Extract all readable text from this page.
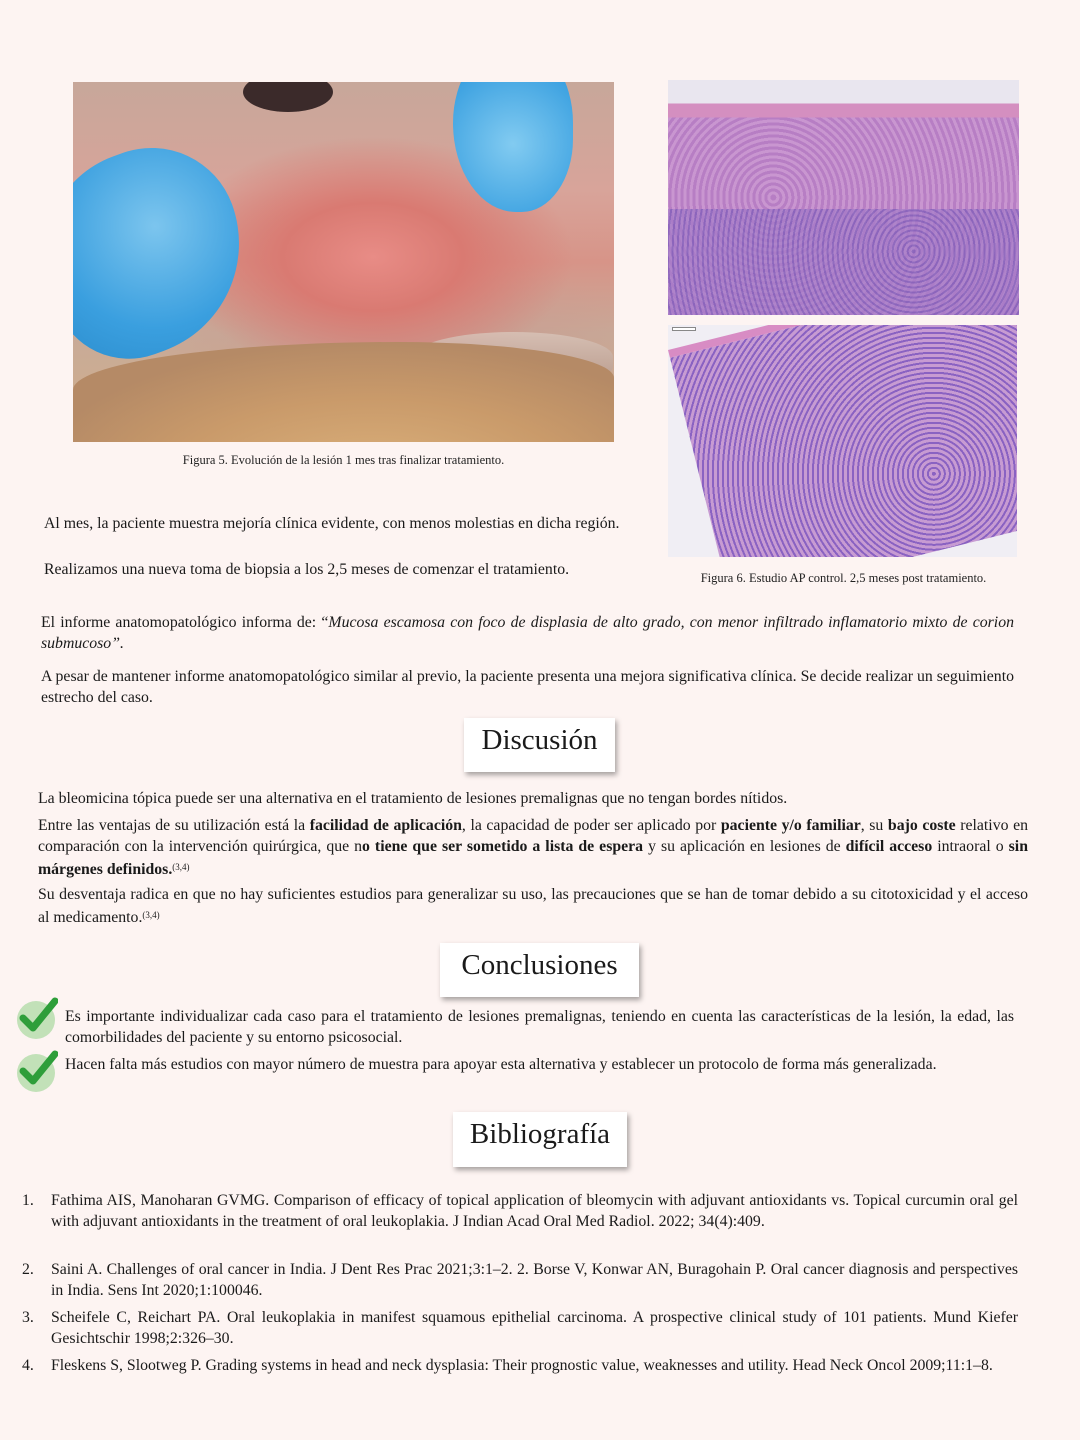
Figura 5. Evolución de la lesión 1 mes tras finalizar tratamiento.
Figura 6. Estudio AP control. 2,5 meses post tratamiento.
Al mes, la paciente muestra mejoría clínica evidente, con menos molestias en dicha región.
Realizamos una nueva toma de biopsia a los 2,5 meses de comenzar el tratamiento.
El informe anatomopatológico informa de: “Mucosa escamosa con foco de displasia de alto grado, con menor infiltrado inflamatorio mixto de corion submucoso”.
A pesar de mantener informe anatomopatológico similar al previo, la paciente presenta una mejora significativa clínica. Se decide realizar un seguimiento estrecho del caso.
Discusión
La bleomicina tópica puede ser una alternativa en el tratamiento de lesiones premalignas que no tengan bordes nítidos.
Entre las ventajas de su utilización está la facilidad de aplicación, la capacidad de poder ser aplicado por paciente y/o familiar, su bajo coste relativo en comparación con la intervención quirúrgica, que no tiene que ser sometido a lista de espera y su aplicación en lesiones de difícil acceso intraoral o sin márgenes definidos.$^{(3,4)}$
Su desventaja radica en que no hay suficientes estudios para generalizar su uso, las precauciones que se han de tomar debido a su citotoxicidad y el acceso al medicamento.$^{(3,4)}$
Conclusiones
Es importante individualizar cada caso para el tratamiento de lesiones premalignas, teniendo en cuenta las características de la lesión, la edad, las comorbilidades del paciente y su entorno psicosocial.
Hacen falta más estudios con mayor número de muestra para apoyar esta alternativa y establecer un protocolo de forma más generalizada.
Bibliografía
1. Fathima AIS, Manoharan GVMG. Comparison of efficacy of topical application of bleomycin with adjuvant antioxidants vs. Topical curcumin oral gel with adjuvant antioxidants in the treatment of oral leukoplakia. J Indian Acad Oral Med Radiol. 2022; 34(4):409.
2. Saini A. Challenges of oral cancer in India. J Dent Res Prac 2021;3:1–2. 2. Borse V, Konwar AN, Buragohain P. Oral cancer diagnosis and perspectives in India. Sens Int 2020;1:100046.
3. Scheifele C, Reichart PA. Oral leukoplakia in manifest squamous epithelial carcinoma. A prospective clinical study of 101 patients. Mund Kiefer Gesichtschir 1998;2:326–30.
4. Fleskens S, Slootweg P. Grading systems in head and neck dysplasia: Their prognostic value, weaknesses and utility. Head Neck Oncol 2009;11:1–8.
